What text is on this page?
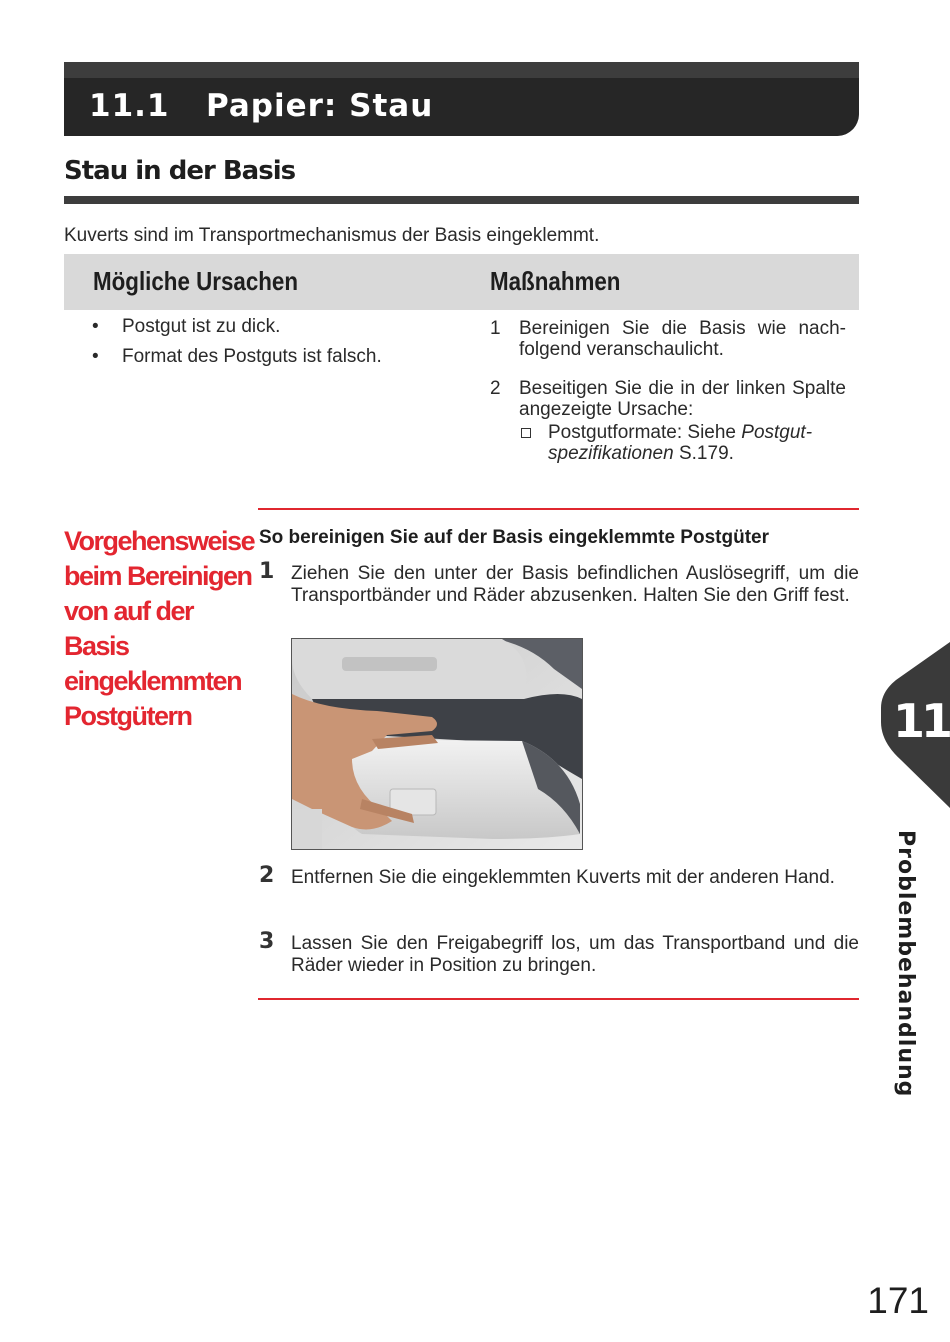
11.1 Papier: Stau
Stau in der Basis
Kuverts sind im Transportmechanismus der Basis eingeklemmt.
Mögliche Ursachen	Maßnahmen
• Postgut ist zu dick.
• Format des Postguts ist falsch.
1 Bereinigen Sie die Basis wie nach-folgend veranschaulicht.
2 Beseitigen Sie die in der linken Spalte angezeigte Ursache:
Postgutformate: Siehe Postgut-spezifikationen S.179.
Vorgehensweise beim Bereinigen von auf der Basis eingeklemmten Postgütern
So bereinigen Sie auf der Basis eingeklemmte Postgüter
1 Ziehen Sie den unter der Basis befindlichen Auslösegriff, um die Transportbänder und Räder abzusenken. Halten Sie den Griff fest.
2 Entfernen Sie die eingeklemmten Kuverts mit der anderen Hand.
3 Lassen Sie den Freigabegriff los, um das Transportband und die Räder wieder in Position zu bringen.
11
Problembehandlung
171
